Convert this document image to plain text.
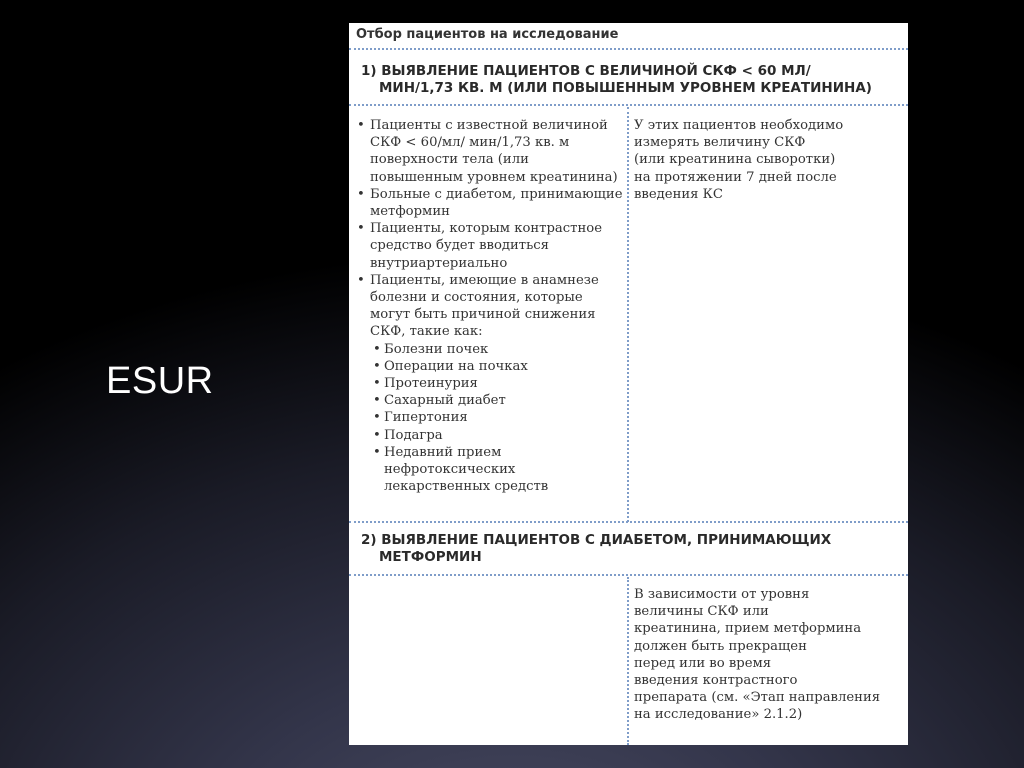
ESUR
Отбор пациентов на исследование
1) ВЫЯВЛЕНИЕ ПАЦИЕНТОВ С ВЕЛИЧИНОЙ СКФ < 60 МЛ/
МИН/1,73 КВ. М (ИЛИ ПОВЫШЕННЫМ УРОВНЕМ КРЕАТИНИНА)
• Пациенты с известной величиной СКФ < 60/мл/ мин/1,73 кв. м поверхности тела (или повышенным уровнем креатинина)
• Больные с диабетом, принимающие метформин
• Пациенты, которым контрастное средство будет вводиться внутриартериально
• Пациенты, имеющие в анамнезе болезни и состояния, которые могут быть причиной снижения СКФ, такие как:
• Болезни почек
• Операции на почках
• Протеинурия
• Сахарный диабет
• Гипертония
• Подагра
• Недавний прием нефротоксических лекарственных средств
У этих пациентов необходимо
измерять величину СКФ
(или креатинина сыворотки)
на протяжении 7 дней после
введения КС
2) ВЫЯВЛЕНИЕ ПАЦИЕНТОВ С ДИАБЕТОМ, ПРИНИМАЮЩИХ
МЕТФОРМИН
В зависимости от уровня
величины СКФ или
креатинина, прием метформина
должен быть прекращен
перед или во время
введения контрастного
препарата (см. «Этап направления
на исследование» 2.1.2)
